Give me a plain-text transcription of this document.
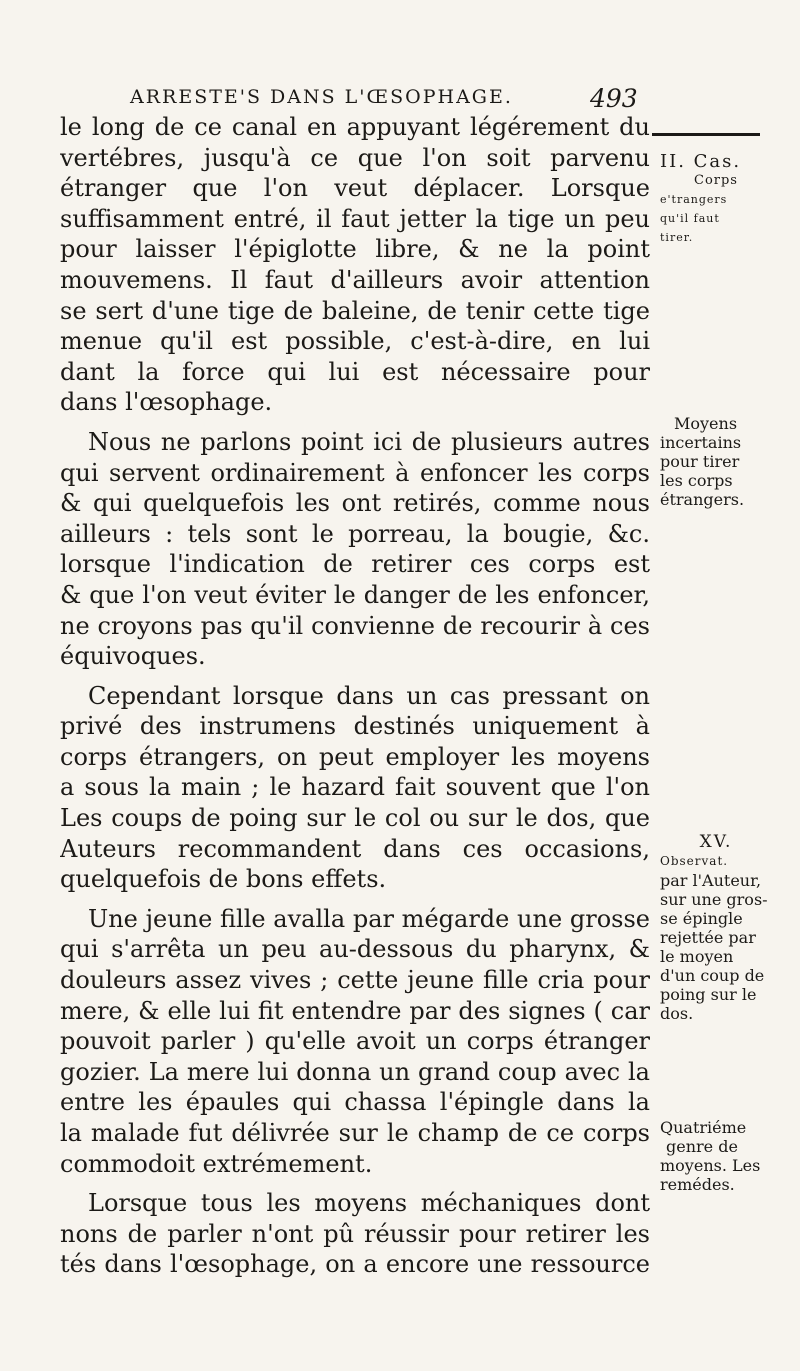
ARRESTE'S DANS L'ŒSOPHAGE.	493
le long de ce canal en appuyant légérement du
vertébres, jusqu'à ce que l'on soit parvenu
étranger que l'on veut déplacer. Lorsque
suffisamment entré, il faut jetter la tige un peu
pour laisser l'épiglotte libre, & ne la point
mouvemens. Il faut d'ailleurs avoir attention
se sert d'une tige de baleine, de tenir cette tige
menue qu'il est possible, c'est-à-dire, en lui
dant la force qui lui est nécessaire pour
dans l'œsophage.
Nous ne parlons point ici de plusieurs autres
qui servent ordinairement à enfoncer les corps
& qui quelquefois les ont retirés, comme nous
ailleurs : tels sont le porreau, la bougie, &c.
lorsque l'indication de retirer ces corps est
& que l'on veut éviter le danger de les enfoncer,
ne croyons pas qu'il convienne de recourir à ces
équivoques.
Cependant lorsque dans un cas pressant on
privé des instrumens destinés uniquement à
corps étrangers, on peut employer les moyens
a sous la main ; le hazard fait souvent que l'on
Les coups de poing sur le col ou sur le dos, que
Auteurs recommandent dans ces occasions,
quelquefois de bons effets.
Une jeune fille avalla par mégarde une grosse
qui s'arrêta un peu au-dessous du pharynx, &
douleurs assez vives ; cette jeune fille cria pour
mere, & elle lui fit entendre par des signes ( car
pouvoit parler ) qu'elle avoit un corps étranger
gozier. La mere lui donna un grand coup avec la
entre les épaules qui chassa l'épingle dans la
la malade fut délivrée sur le champ de ce corps
commodoit extrémement.
Lorsque tous les moyens méchaniques dont
nons de parler n'ont pû réussir pour retirer les
tés dans l'œsophage, on a encore une ressource
II. Cas.
Corps
e'trangers
qu'il faut
tirer.
Moyens
incertains
pour tirer
les corps
étrangers.
XV.
Observat.
par l'Auteur,
sur une gros-
se épingle
rejettée par
le moyen
d'un coup de
poing sur le
dos.
Quatriéme
genre de
moyens. Les
remédes.
